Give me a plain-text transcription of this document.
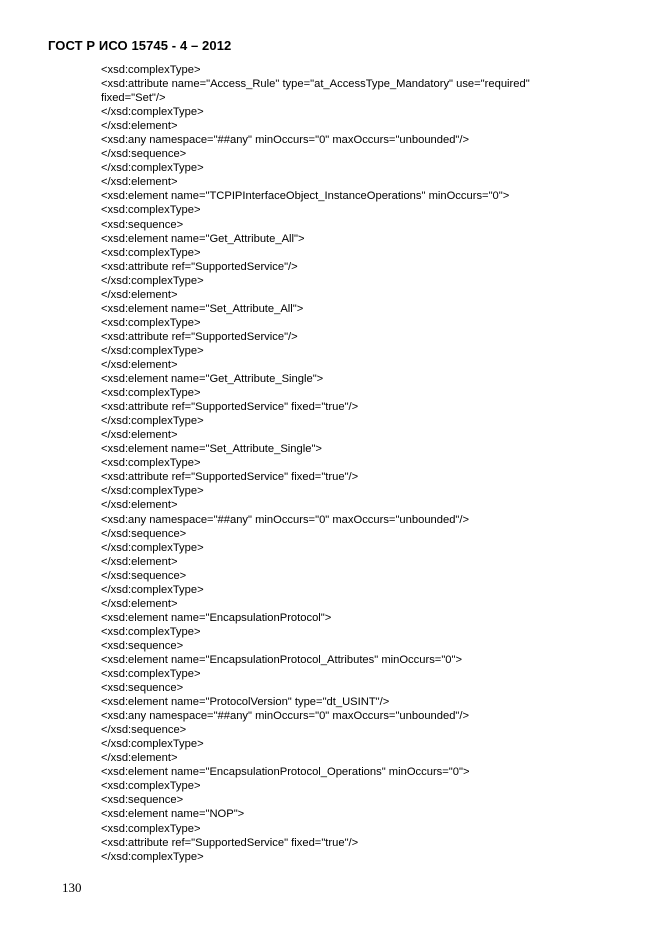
ГОСТ Р ИСО 15745 - 4 – 2012
<xsd:complexType>
<xsd:attribute name="Access_Rule" type="at_AccessType_Mandatory" use="required"
fixed="Set"/>
</xsd:complexType>
</xsd:element>
<xsd:any namespace="##any" minOccurs="0" maxOccurs="unbounded"/>
</xsd:sequence>
</xsd:complexType>
</xsd:element>
<xsd:element name="TCPIPInterfaceObject_InstanceOperations" minOccurs="0">
<xsd:complexType>
<xsd:sequence>
<xsd:element name="Get_Attribute_All">
<xsd:complexType>
<xsd:attribute ref="SupportedService"/>
</xsd:complexType>
</xsd:element>
<xsd:element name="Set_Attribute_All">
<xsd:complexType>
<xsd:attribute ref="SupportedService"/>
</xsd:complexType>
</xsd:element>
<xsd:element name="Get_Attribute_Single">
<xsd:complexType>
<xsd:attribute ref="SupportedService" fixed="true"/>
</xsd:complexType>
</xsd:element>
<xsd:element name="Set_Attribute_Single">
<xsd:complexType>
<xsd:attribute ref="SupportedService" fixed="true"/>
</xsd:complexType>
</xsd:element>
<xsd:any namespace="##any" minOccurs="0" maxOccurs="unbounded"/>
</xsd:sequence>
</xsd:complexType>
</xsd:element>
</xsd:sequence>
</xsd:complexType>
</xsd:element>
<xsd:element name="EncapsulationProtocol">
<xsd:complexType>
<xsd:sequence>
<xsd:element name="EncapsulationProtocol_Attributes" minOccurs="0">
<xsd:complexType>
<xsd:sequence>
<xsd:element name="ProtocolVersion" type="dt_USINT"/>
<xsd:any namespace="##any" minOccurs="0" maxOccurs="unbounded"/>
</xsd:sequence>
</xsd:complexType>
</xsd:element>
<xsd:element name="EncapsulationProtocol_Operations" minOccurs="0">
<xsd:complexType>
<xsd:sequence>
<xsd:element name="NOP">
<xsd:complexType>
<xsd:attribute ref="SupportedService" fixed="true"/>
</xsd:complexType>
130
